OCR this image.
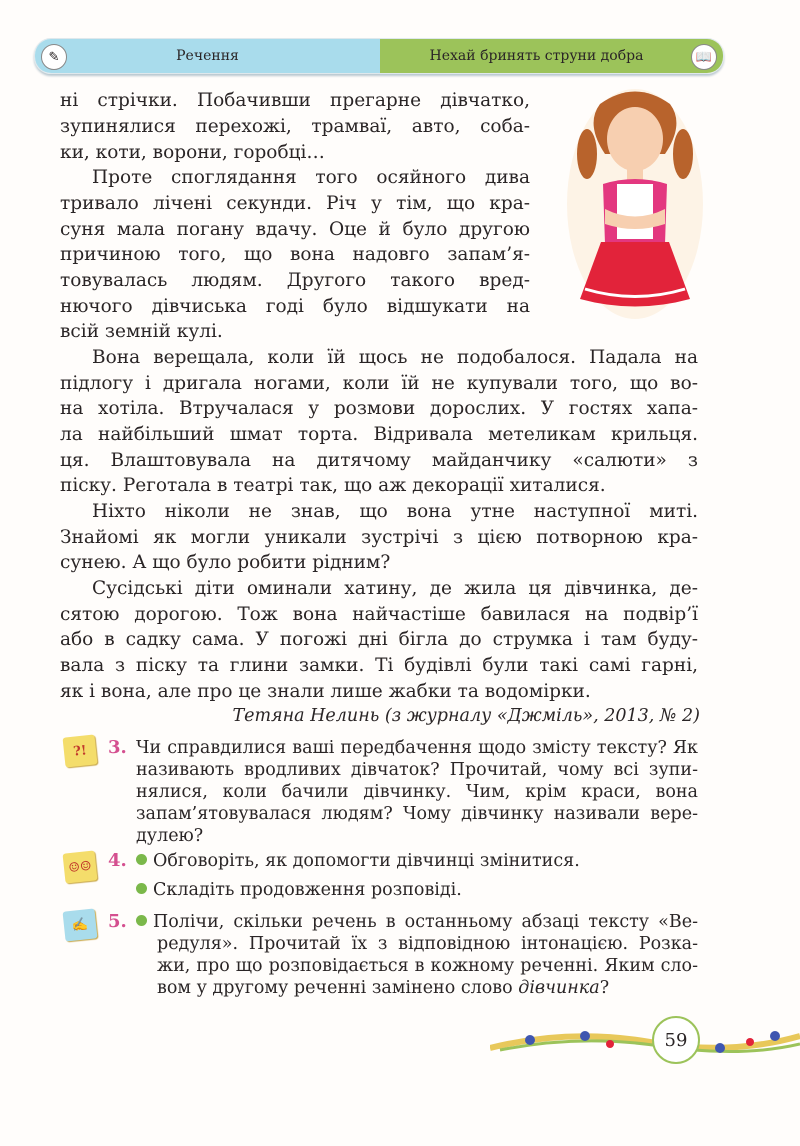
✎	Речення	Нехай бринять струни добра	📖
ні стрічки. Побачивши прегарне дівчатко,
зупинялися перехожі, трамваї, авто, соба-
ки, коти, ворони, горобці…
Проте споглядання того осяйного дива
тривало лічені секунди. Річ у тім, що кра-
суня мала погану вдачу. Оце й було другою
причиною того, що вона надовго запам’я-
товувалась людям. Другого такого вред-
нючого дівчиська годі було відшукати на
всій земній кулі.
Вона верещала, коли їй щось не подобалося. Падала на
підлогу і дригала ногами, коли їй не купували того, що во-
на хотіла. Втручалася у розмови дорослих. У гостях хапа-
ла найбільший шмат торта. Відривала метеликам крильця.
ця. Влаштовувала на дитячому майданчику «салюти» з
піску. Реготала в театрі так, що аж декорації хиталися.
Ніхто ніколи не знав, що вона утне наступної миті.
Знайомі як могли уникали зустрічі з цією потворною кра-
сунею. А що було робити рідним?
Сусідські діти оминали хатину, де жила ця дівчинка, де-
сятою дорогою. Тож вона найчастіше бавилася на подвір’ї
або в садку сама. У погожі дні бігла до струмка і там буду-
вала з піску та глини замки. Ті будівлі були такі самі гарні,
як і вона, але про це знали лише жабки та водомірки.
Тетяна Нелинь (з журналу «Джміль», 2013, № 2)
?!	3. Чи справдилися ваші передбачення щодо змісту тексту? Як
називають вродливих дівчаток? Прочитай, чому всі зупи-
нялися, коли бачили дівчинку. Чим, крім краси, вона
запам’ятовувалася людям? Чому дівчинку називали вере-
дулею?
☺☺ 4.	Обговоріть, як допомогти дівчинці змінитися.
Складіть продовження розповіді.
✍	5.	Полічи, скільки речень в останньому абзаці тексту «Ве-
редуля». Прочитай їх з відповідною інтонацією. Розка-
жи, про що розповідається в кожному реченні. Яким сло-
вом у другому реченні замінено слово дівчинка?
59
